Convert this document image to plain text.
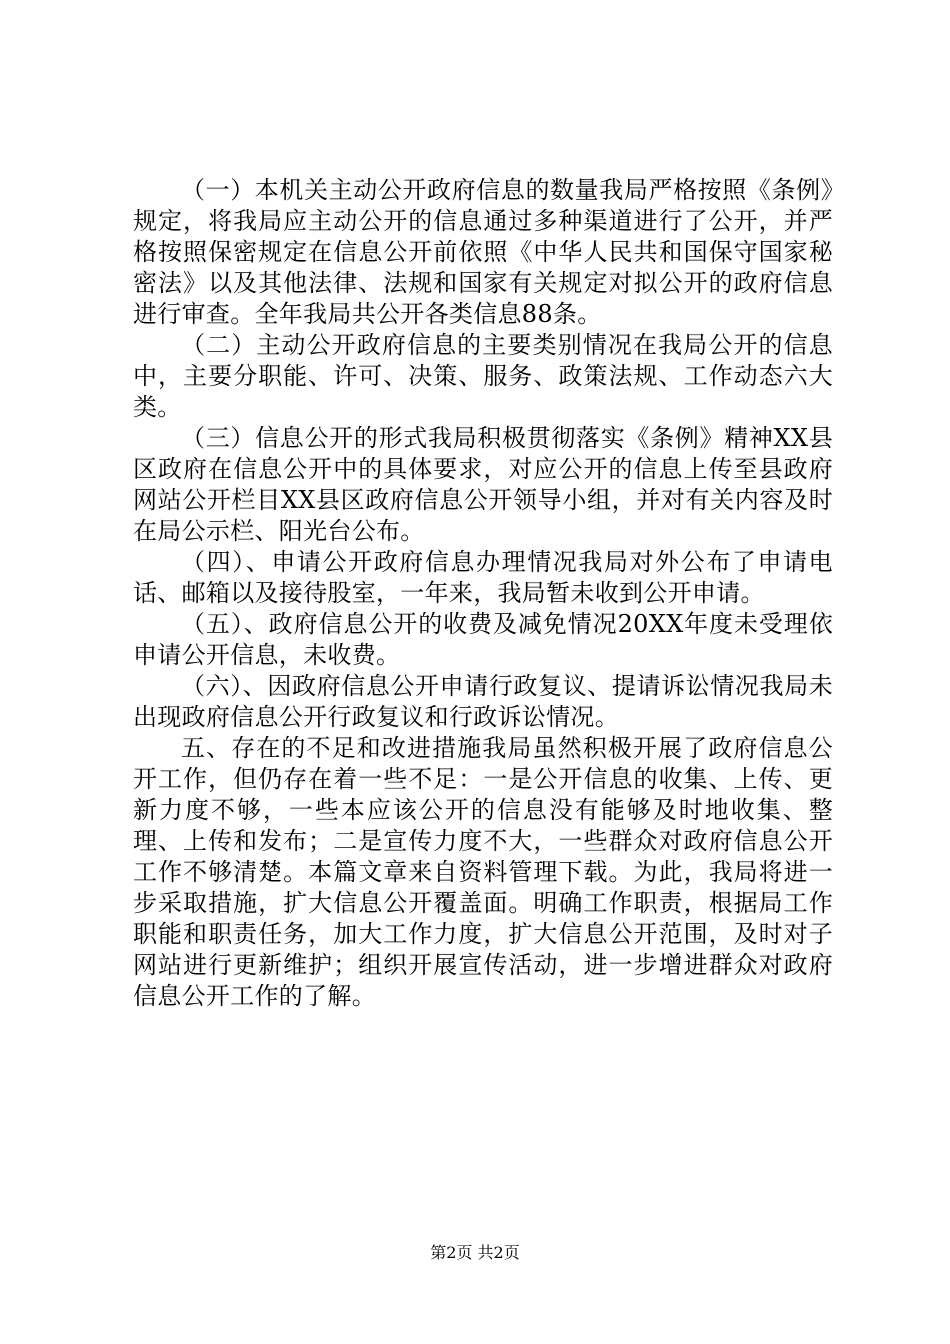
（一）本机关主动公开政府信息的数量我局严格按照《条例》规定，将我局应主动公开的信息通过多种渠道进行了公开，并严格按照保密规定在信息公开前依照《中华人民共和国保守国家秘密法》以及其他法律、法规和国家有关规定对拟公开的政府信息进行审查。全年我局共公开各类信息88条。

（二）主动公开政府信息的主要类别情况在我局公开的信息中，主要分职能、许可、决策、服务、政策法规、工作动态六大类。

（三）信息公开的形式我局积极贯彻落实《条例》精神XX县区政府在信息公开中的具体要求，对应公开的信息上传至县政府网站公开栏目XX县区政府信息公开领导小组，并对有关内容及时在局公示栏、阳光台公布。

（四）、申请公开政府信息办理情况我局对外公布了申请电话、邮箱以及接待股室，一年来，我局暂未收到公开申请。

（五）、政府信息公开的收费及减免情况20XX年度未受理依申请公开信息，未收费。

（六）、因政府信息公开申请行政复议、提请诉讼情况我局未出现政府信息公开行政复议和行政诉讼情况。

五、存在的不足和改进措施我局虽然积极开展了政府信息公开工作，但仍存在着一些不足：一是公开信息的收集、上传、更新力度不够，一些本应该公开的信息没有能够及时地收集、整理、上传和发布；二是宣传力度不大，一些群众对政府信息公开工作不够清楚。本篇文章来自资料管理下载。为此，我局将进一步采取措施，扩大信息公开覆盖面。明确工作职责，根据局工作职能和职责任务，加大工作力度，扩大信息公开范围，及时对子网站进行更新维护；组织开展宣传活动，进一步增进群众对政府信息公开工作的了解。

第2页 共2页
